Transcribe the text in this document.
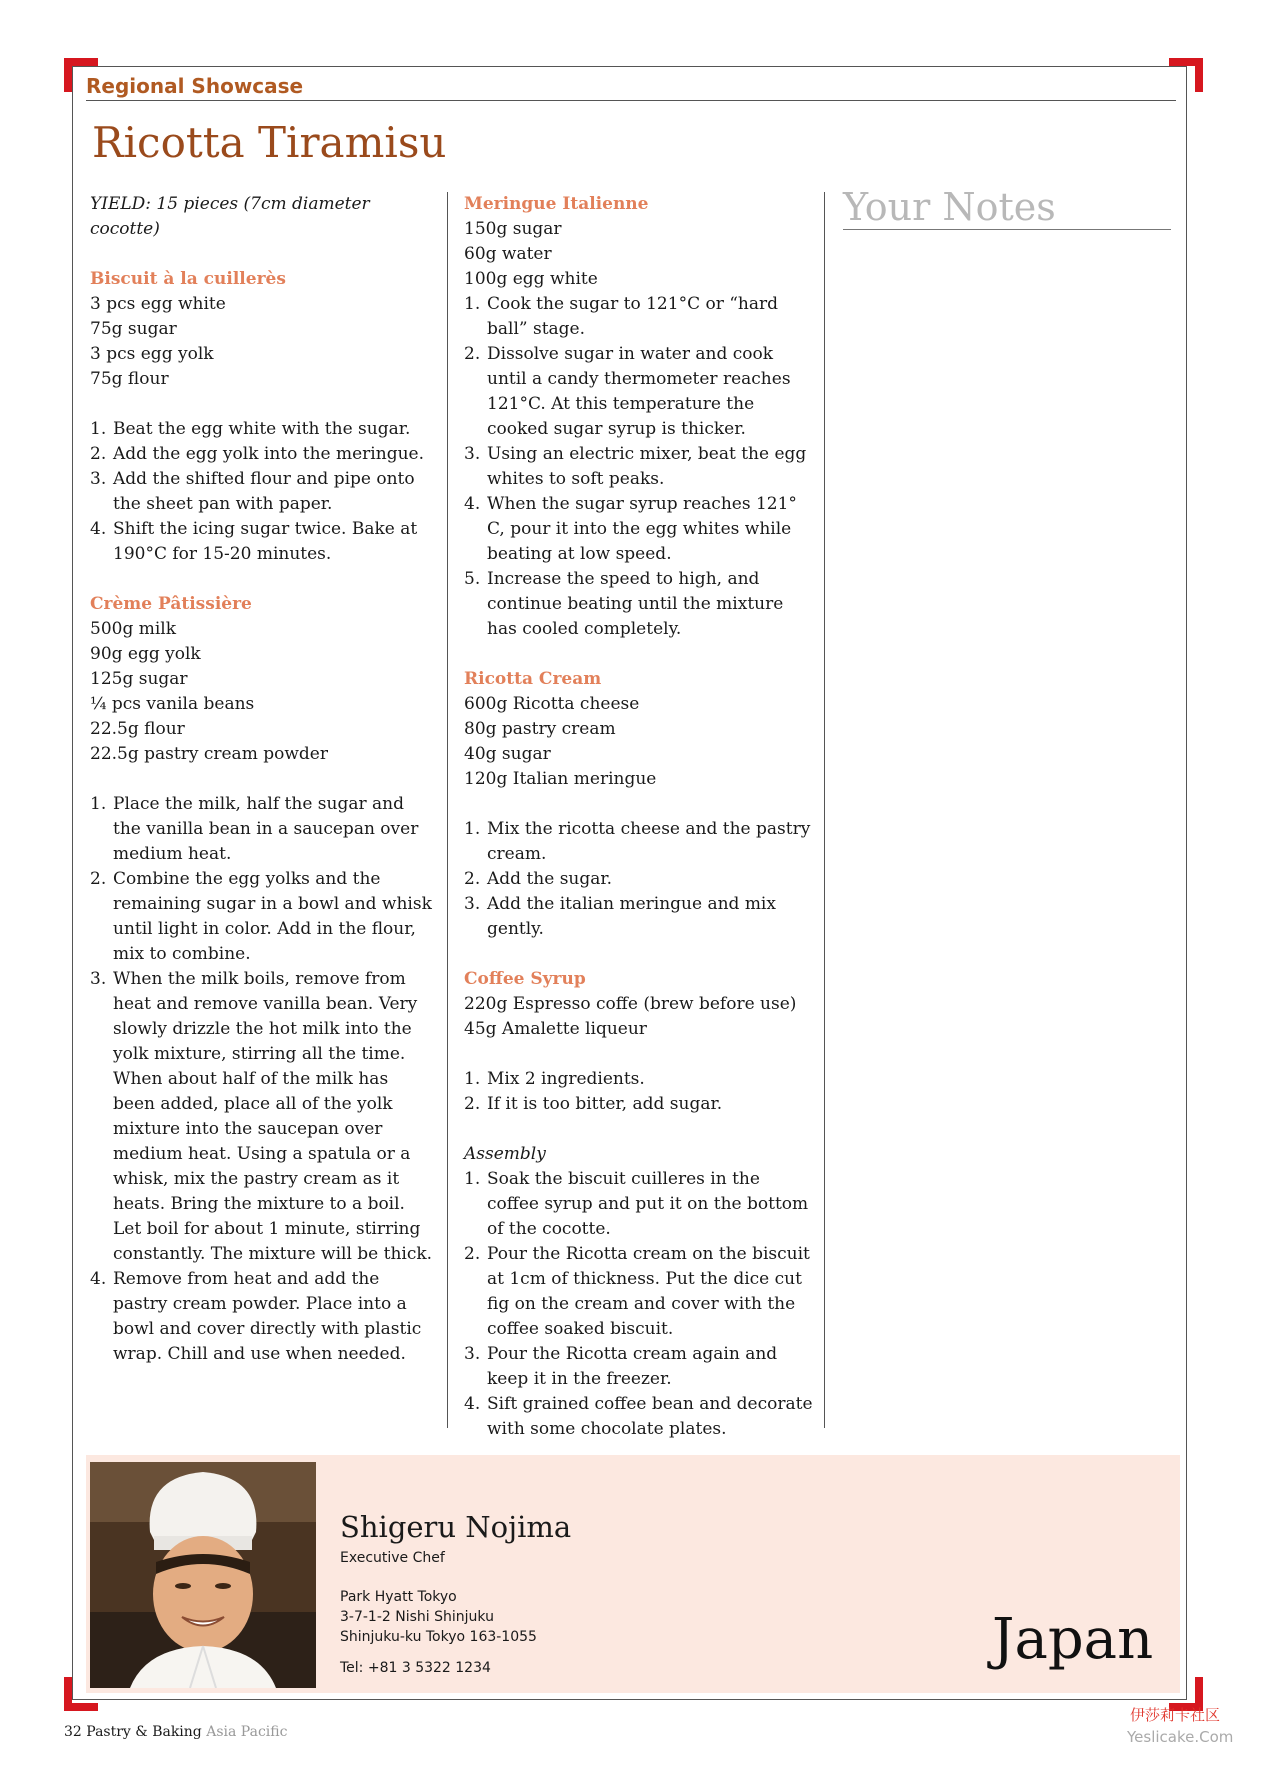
Regional Showcase
Ricotta Tiramisu

YIELD: 15 pieces (7cm diameter cocotte)

Biscuit à la cuillerès

3 pcs egg white
75g sugar
3 pcs egg yolk
75g flour
1. Beat the egg white with the sugar.
2. Add the egg yolk into the meringue.
3. Add the shifted flour and pipe onto the sheet pan with paper.
4. Shift the icing sugar twice. Bake at 190°C for 15-20 minutes.

Crème Pâtissière

500g milk
90g egg yolk
125g sugar
¼ pcs vanila beans
22.5g flour
22.5g pastry cream powder
1. Place the milk, half the sugar and the vanilla bean in a saucepan over medium heat.
2. Combine the egg yolks and the remaining sugar in a bowl and whisk until light in color. Add in the flour, mix to combine.
3. When the milk boils, remove from heat and remove vanilla bean. Very slowly drizzle the hot milk into the yolk mixture, stirring all the time. When about half of the milk has been added, place all of the yolk mixture into the saucepan over medium heat. Using a spatula or a whisk, mix the pastry cream as it heats. Bring the mixture to a boil. Let boil for about 1 minute, stirring constantly. The mixture will be thick.
4. Remove from heat and add the pastry cream powder. Place into a bowl and cover directly with plastic wrap. Chill and use when needed.

Meringue Italienne

150g sugar
60g water
100g egg white
1. Cook the sugar to 121°C or “hard ball” stage.
2. Dissolve sugar in water and cook until a candy thermometer reaches 121°C. At this temperature the cooked sugar syrup is thicker.
3. Using an electric mixer, beat the egg whites to soft peaks.
4. When the sugar syrup reaches 121° C, pour it into the egg whites while beating at low speed.
5. Increase the speed to high, and continue beating until the mixture has cooled completely.

Ricotta Cream

600g Ricotta cheese
80g pastry cream
40g sugar
120g Italian meringue
1. Mix the ricotta cheese and the pastry cream.
2. Add the sugar.
3. Add the italian meringue and mix gently.

Coffee Syrup

220g Espresso coffe (brew before use)
45g Amalette liqueur
1. Mix 2 ingredients.
2. If it is too bitter, add sugar.

Assembly

1. Soak the biscuit cuilleres in the coffee syrup and put it on the bottom of the cocotte.
2. Pour the Ricotta cream on the biscuit at 1cm of thickness. Put the dice cut fig on the cream and cover with the coffee soaked biscuit.
3. Pour the Ricotta cream again and keep it in the freezer.
4. Sift grained coffee bean and decorate with some chocolate plates.
Your Notes
Shigeru Nojima
Executive Chef
Park Hyatt Tokyo
3-7-1-2 Nishi Shinjuku
Shinjuku-ku Tokyo 163-1055
Tel: +81 3 5322 1234	Japan
32 Pastry & Baking Asia Pacific
伊莎莉卡社区
Yeslicake.Com
